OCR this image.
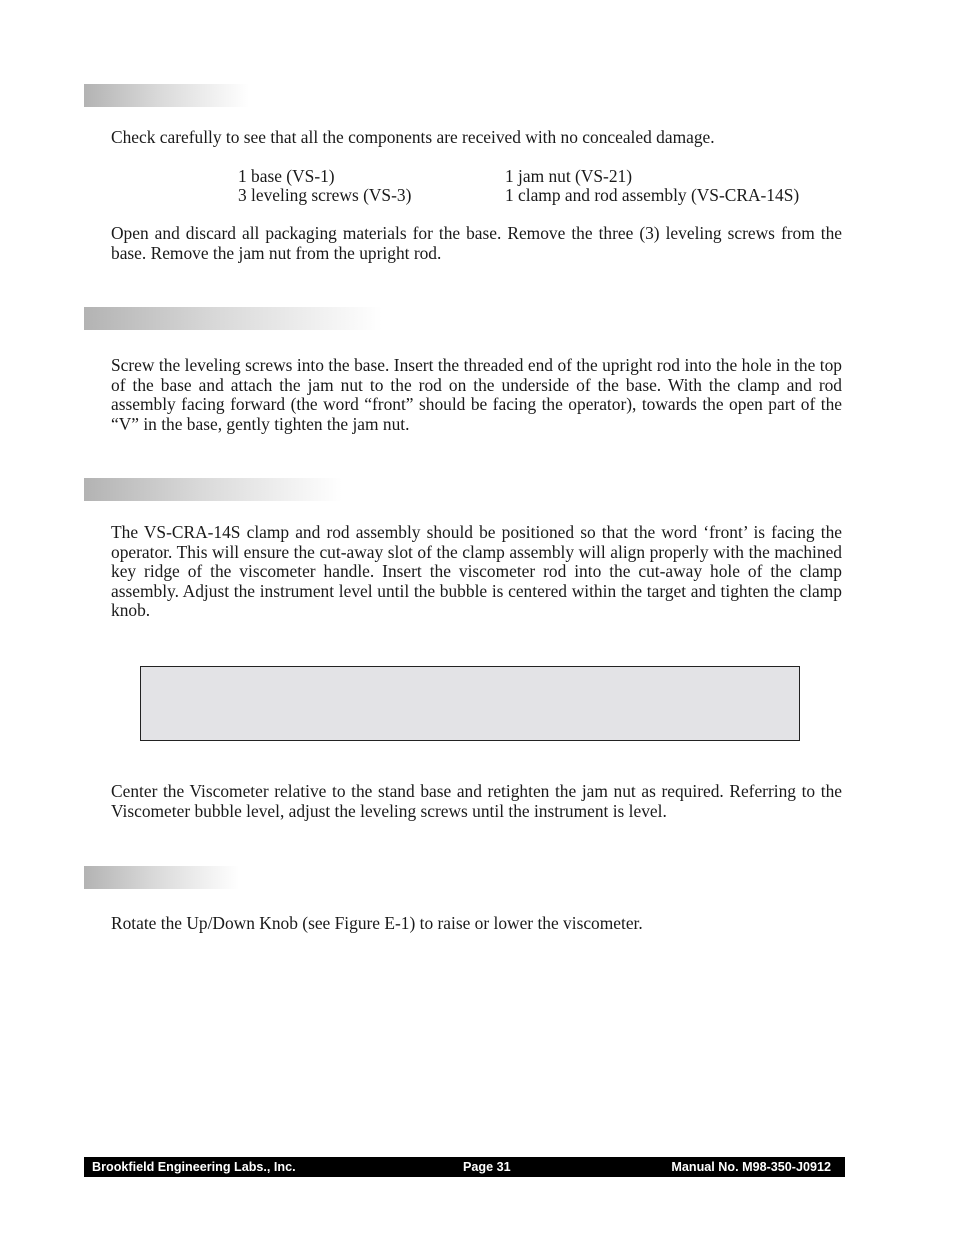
Check carefully to see that all the components are received with no concealed damage.

1 base (VS-1)
3 leveling screws (VS-3)
1 jam nut (VS-21)
1 clamp and rod assembly (VS-CRA-14S)

Open and discard all packaging materials for the base. Remove the three (3) leveling screws from the base. Remove the jam nut from the upright rod.

Screw the leveling screws into the base. Insert the threaded end of the upright rod into the hole in the top of the base and attach the jam nut to the rod on the underside of the base. With the clamp and rod assembly facing forward (the word “front” should be facing the operator), towards the open part of the “V” in the base, gently tighten the jam nut.

The VS-CRA-14S clamp and rod assembly should be positioned so that the word ‘front’ is facing the operator. This will ensure the cut-away slot of the clamp assembly will align properly with the machined key ridge of the viscometer handle. Insert the viscometer rod into the cut-away hole of the clamp assembly. Adjust the instrument level until the bubble is centered within the target and tighten the clamp knob.

Center the Viscometer relative to the stand base and retighten the jam nut as required. Referring to the Viscometer bubble level, adjust the leveling screws until the instrument is level.

Rotate the Up/Down Knob (see Figure E-1) to raise or lower the viscometer.

Brookfield Engineering Labs., Inc.	Page 31	Manual No. M98-350-J0912
